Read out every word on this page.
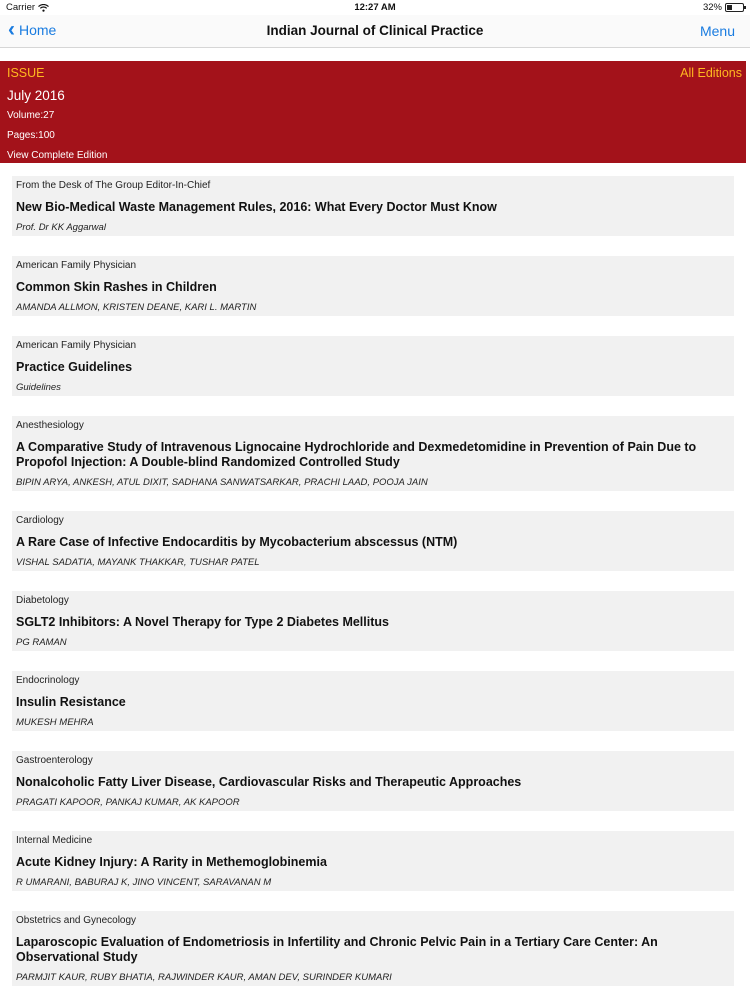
Carrier	12:27 AM	32%
‹ Home	Indian Journal of Clinical Practice	Menu
ISSUE	All Editions
July 2016
Volume:27
Pages:100
View Complete Edition
From the Desk of The Group Editor-In-Chief
New Bio-Medical Waste Management Rules, 2016: What Every Doctor Must Know
Prof. Dr KK Aggarwal
American Family Physician
Common Skin Rashes in Children
AMANDA ALLMON, KRISTEN DEANE, KARI L. MARTIN
American Family Physician
Practice Guidelines
Guidelines
Anesthesiology
A Comparative Study of Intravenous Lignocaine Hydrochloride and Dexmedetomidine in Prevention of Pain Due to Propofol Injection: A Double-blind Randomized Controlled Study
BIPIN ARYA, ANKESH, ATUL DIXIT, SADHANA SANWATSARKAR, PRACHI LAAD, POOJA JAIN
Cardiology
A Rare Case of Infective Endocarditis by Mycobacterium abscessus (NTM)
VISHAL SADATIA, MAYANK THAKKAR, TUSHAR PATEL
Diabetology
SGLT2 Inhibitors: A Novel Therapy for Type 2 Diabetes Mellitus
PG RAMAN
Endocrinology
Insulin Resistance
MUKESH MEHRA
Gastroenterology
Nonalcoholic Fatty Liver Disease, Cardiovascular Risks and Therapeutic Approaches
PRAGATI KAPOOR, PANKAJ KUMAR, AK KAPOOR
Internal Medicine
Acute Kidney Injury: A Rarity in Methemoglobinemia
R UMARANI, BABURAJ K, JINO VINCENT, SARAVANAN M
Obstetrics and Gynecology
Laparoscopic Evaluation of Endometriosis in Infertility and Chronic Pelvic Pain in a Tertiary Care Center: An Observational Study
PARMJIT KAUR, RUBY BHATIA, RAJWINDER KAUR, AMAN DEV, SURINDER KUMARI
